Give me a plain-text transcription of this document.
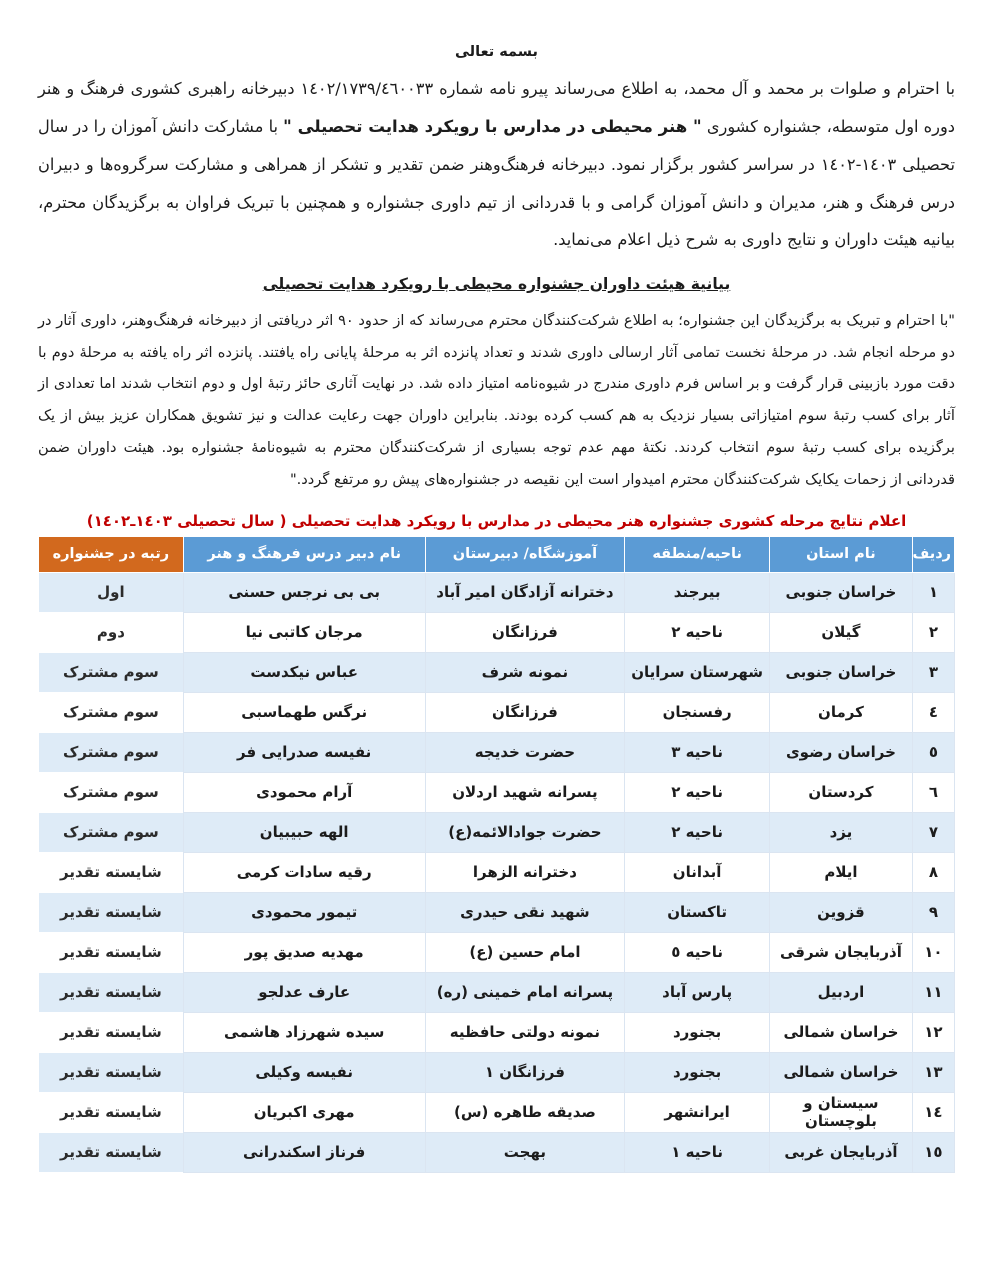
بسمه تعالی

با احترام و صلوات بر محمد و آل محمد، به اطلاع می‌رساند پیرو نامه شماره ١٤٠٢/١٧٣٩/٤٦٠٠٣٣ دبیرخانه راهبری کشوری فرهنگ و هنر دوره اول متوسطه، جشنواره کشوری " هنر محیطی در مدارس با رویکرد هدایت تحصیلی " با مشارکت دانش آموزان را در سال تحصیلی ١٤٠٣-١٤٠٢ در سراسر کشور برگزار نمود. دبیرخانه فرهنگ‌وهنر ضمن تقدیر و تشکر از همراهی و مشارکت سرگروه‌ها و دبیران درس فرهنگ و هنر، مدیران و دانش آموزان گرامی و با قدردانی از تیم داوری جشنواره و همچنین با تبریک فراوان به برگزیدگان محترم، بیانیه هیئت داوران و نتایج داوری به شرح ذیل اعلام می‌نماید.

بیانیة هیئت داوران جشنواره محیطی با رویکرد هدایت تحصیلی

"با احترام و تبریک به برگزیدگان این جشنواره؛ به اطلاع شرکت‌کنندگان محترم می‌رساند که از حدود ٩٠ اثر دریافتی از دبیرخانه فرهنگ‌وهنر، داوری آثار در دو مرحله انجام شد. در مرحلهٔ نخست تمامی آثار ارسالی داوری شدند و تعداد پانزده اثر به مرحلهٔ پایانی راه یافتند. پانزده اثر راه یافته به مرحلهٔ دوم با دقت مورد بازبینی قرار گرفت و بر اساس فرم داوری مندرج در شیوه‌نامه امتیاز داده شد. در نهایت آثاری حائز رتبهٔ اول و دوم انتخاب شدند اما تعدادی از آثار برای کسب رتبهٔ سوم امتیازاتی بسیار نزدیک به هم کسب کرده بودند. بنابراین داوران جهت رعایت عدالت و نیز تشویق همکاران عزیز بیش از یک برگزیده برای کسب رتبهٔ سوم انتخاب کردند. نکتهٔ مهم عدم توجه بسیاری از شرکت‌کنندگان محترم به شیوه‌نامهٔ جشنواره بود. هیئت داوران ضمن قدردانی از زحمات یکایک شرکت‌کنندگان محترم امیدوار است این نقیصه در جشنواره‌های پیش رو مرتفع گردد."

اعلام نتایج مرحله کشوری جشنواره هنر محیطی در مدارس با رویکرد هدایت تحصیلی ( سال تحصیلی ١٤٠٣ـ١٤٠٢)

ردیف	نام استان	ناحیه/منطقه	آموزشگاه/ دبیرستان	نام دبیر درس فرهنگ و هنر	رتبه در جشنواره
١	خراسان جنوبی	بیرجند	دخترانه آزادگان امیر آباد	بی بی نرجس حسنی	اول
٢	گیلان	ناحیه ٢	فرزانگان	مرجان کاتبی نیا	دوم
٣	خراسان جنوبی	شهرستان سرایان	نمونه شرف	عباس نیکدست	سوم مشترک
٤	کرمان	رفسنجان	فرزانگان	نرگس طهماسبی	سوم مشترک
٥	خراسان رضوی	ناحیه ٣	حضرت خدیجه	نفیسه صدرایی فر	سوم مشترک
٦	کردستان	ناحیه ٢	پسرانه شهید اردلان	آرام محمودی	سوم مشترک
٧	یزد	ناحیه ٢	حضرت جوادالائمه(ع)	الهه حبیبیان	سوم مشترک
٨	ایلام	آبدانان	دخترانه الزهرا	رقیه سادات کرمی	شایسته تقدیر
٩	قزوین	تاکستان	شهید نقی حیدری	تیمور محمودی	شایسته تقدیر
١٠	آذربایجان شرقی	ناحیه ٥	امام حسین (ع)	مهدیه صدیق پور	شایسته تقدیر
١١	اردبیل	پارس آباد	پسرانه امام خمینی (ره)	عارف عدلجو	شایسته تقدیر
١٢	خراسان شمالی	بجنورد	نمونه دولتی حافظیه	سیده شهرزاد هاشمی	شایسته تقدیر
١٣	خراسان شمالی	بجنورد	فرزانگان ١	نفیسه وکیلی	شایسته تقدیر
١٤	سیستان و بلوچستان	ایرانشهر	صدیقه طاهره (س)	مهری اکبریان	شایسته تقدیر
١٥	آذربایجان غربی	ناحیه ١	بهجت	فرناز اسکندرانی	شایسته تقدیر
